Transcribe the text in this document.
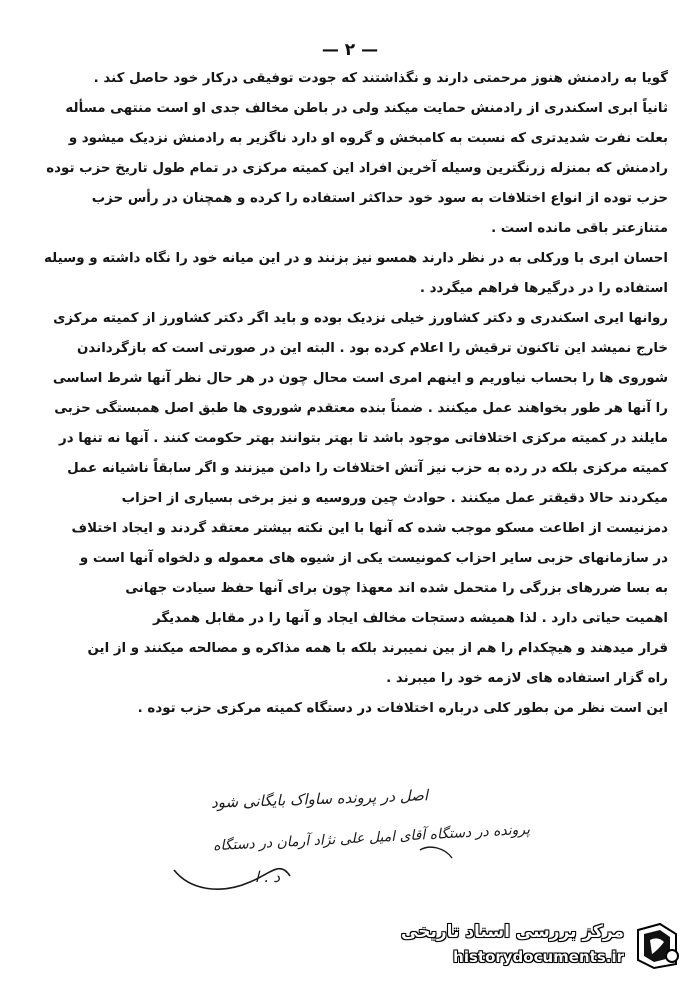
— ٢ —
گویا به رادمنش هنوز مرحمتی دارند و نگذاشتند که جودت توفیقی درکار خود حاصل کند .
ثانیاً ابری اسکندری از رادمنش حمایت میکند ولی در باطن مخالف جدی او است منتهی مسأله
بعلت نفرت شدیدتری که نسبت به کامبخش و گروه او دارد ناگزیر به رادمنش نزدیک میشود و
رادمنش که بمنزله زرنگترین وسیله آخرین افراد این کمیته مرکزی در تمام طول تاریخ حزب توده
حزب توده از انواع اختلافات به سود خود حداکثر استفاده را کرده و همچنان در رأس حزب
متنازعتر باقی مانده است .
احسان ابری با ورکلی به در نظر دارند همسو نیز بزنند و در این میانه خود را نگاه داشته و وسیله
استفاده را در درگیرها فراهم میگردد .
روانها ایری اسکندری و دکتر کشاورز خیلی نزدیک بوده و باید اگر دکتر کشاورز از کمیته مرکزی
خارج نمیشد این تاکنون ترقیش را اعلام کرده بود . البته این در صورتی است که بازگرداندن
شوروی ها را بحساب نیاوریم و اینهم امری است محال چون در هر حال نظر آنها شرط اساسی
را آنها هر طور بخواهند عمل میکنند . ضمناً بنده معتقدم شوروی ها طبق اصل همبستگی حزبی
مایلند در کمیته مرکزی اختلافاتی موجود باشد تا بهتر بتوانند بهتر حکومت کنند . آنها نه تنها در
کمیته مرکزی بلکه در رده به حزب نیز آتش اختلافات را دامن میزنند و اگر سابقاً ناشیانه عمل
میکردند حالا دقیقتر عمل میکنند . حوادث چین وروسیه و نیز برخی بسیاری از احزاب
دمزنیست از اطاعت مسکو موجب شده که آنها با این نکته بیشتر معتقد گردند و ایجاد اختلاف
در سازمانهای حزبی سایر احزاب کمونیست یکی از شیوه های معموله و دلخواه آنها است و
به بسا ضررهای بزرگی را متحمل شده اند معهذا چون برای آنها حفظ سیادت جهانی
اهمیت حیاتی دارد . لذا همیشه دستجات مخالف ایجاد و آنها را در مقابل همدیگر
قرار میدهند و هیچکدام را هم از بین نمیبرند بلکه با همه مذاکره و مصالحه میکنند و از این
راه گزار استفاده های لازمه خود را میبرند .
این است نظر من بطور کلی درباره اختلافات در دستگاه کمیته مرکزی حزب توده .
اصل در پرونده ساواک بایگانی شود
پرونده در دستگاه آقای امیل علی نژاد آرمان در دستگاه
د . ا
مرکز بررسی اسناد تاریخی
historydocuments.ir
